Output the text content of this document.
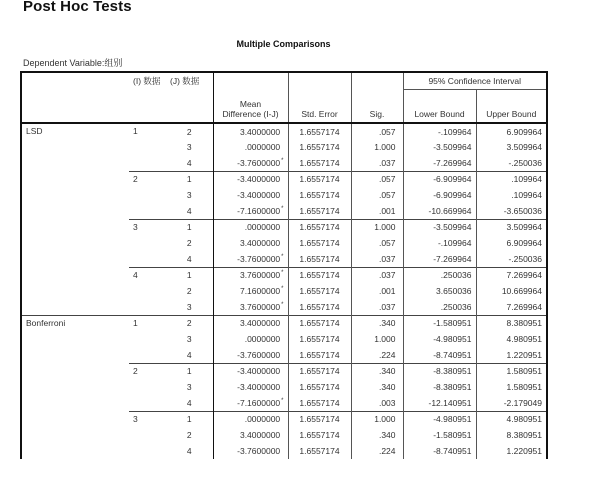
Post Hoc Tests
Multiple Comparisons
Dependent Variable:组别
	(I) 数据	(J) 数据	Mean Difference (I-J)	Std. Error	Sig.	95% Confidence Interval	
						Lower Bound	Upper Bound
LSD	1	2	3.4000000	1.6557174	.057	-.109964	6.909964
		3	.0000000	1.6557174	1.000	-3.509964	3.509964
		4	-3.7600000*	1.6557174	.037	-7.269964	-.250036
	2	1	-3.4000000	1.6557174	.057	-6.909964	.109964
		3	-3.4000000	1.6557174	.057	-6.909964	.109964
		4	-7.1600000*	1.6557174	.001	-10.669964	-3.650036
	3	1	.0000000	1.6557174	1.000	-3.509964	3.509964
		2	3.4000000	1.6557174	.057	-.109964	6.909964
		4	-3.7600000*	1.6557174	.037	-7.269964	-.250036
	4	1	3.7600000*	1.6557174	.037	.250036	7.269964
		2	7.1600000*	1.6557174	.001	3.650036	10.669964
		3	3.7600000*	1.6557174	.037	.250036	7.269964
Bonferroni	1	2	3.4000000	1.6557174	.340	-1.580951	8.380951
		3	.0000000	1.6557174	1.000	-4.980951	4.980951
		4	-3.7600000	1.6557174	.224	-8.740951	1.220951
	2	1	-3.4000000	1.6557174	.340	-8.380951	1.580951
		3	-3.4000000	1.6557174	.340	-8.380951	1.580951
		4	-7.1600000*	1.6557174	.003	-12.140951	-2.179049
	3	1	.0000000	1.6557174	1.000	-4.980951	4.980951
		2	3.4000000	1.6557174	.340	-1.580951	8.380951
		4	-3.7600000	1.6557174	.224	-8.740951	1.220951
